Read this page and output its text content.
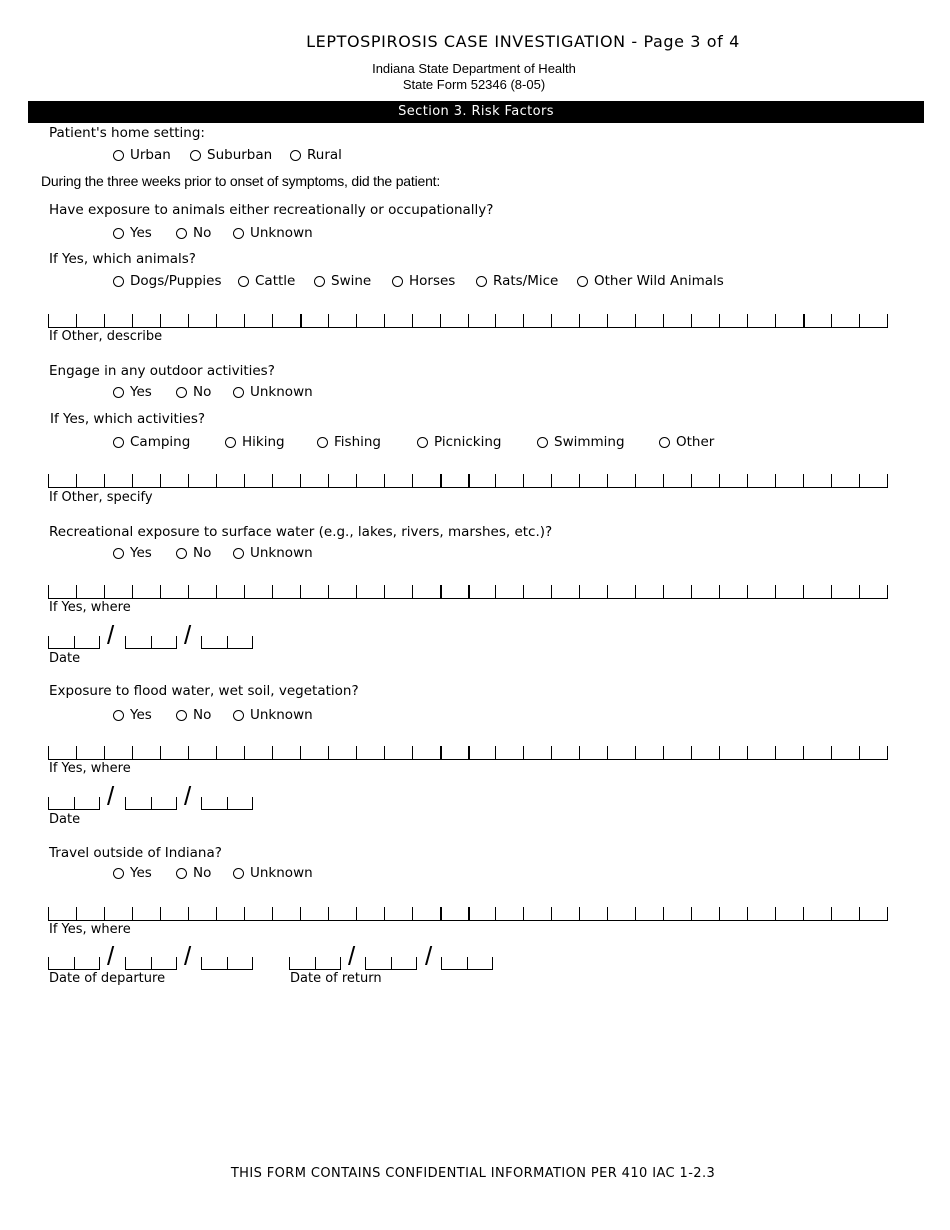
LEPTOSPIROSIS CASE INVESTIGATION - Page 3 of 4
Indiana State Department of Health
State Form 52346 (8-05)
Section 3. Risk Factors
Patient's home setting:
Urban	Suburban	Rural
During the three weeks prior to onset of symptoms, did the patient:
Have exposure to animals either recreationally or occupationally?
Yes	No	Unknown
If Yes, which animals?
Dogs/Puppies Cattle	Swine	Horses	Rats/Mice	Other Wild Animals
If Other, describe
Engage in any outdoor activities?
Yes	No	Unknown
If Yes, which activities?
Camping	Hiking	Fishing	Picnicking	Swimming	Other
If Other, specify
Recreational exposure to surface water (e.g., lakes, rivers, marshes, etc.)?
Yes	No	Unknown
If Yes, where
/	/
Date
Exposure to flood water, wet soil, vegetation?
Yes	No	Unknown
If Yes, where
/	/
Date
Travel outside of Indiana?
Yes	No	Unknown
If Yes, where
/	/
Date of departure
/	/
Date of return
THIS FORM CONTAINS CONFIDENTIAL INFORMATION PER 410 IAC 1-2.3
